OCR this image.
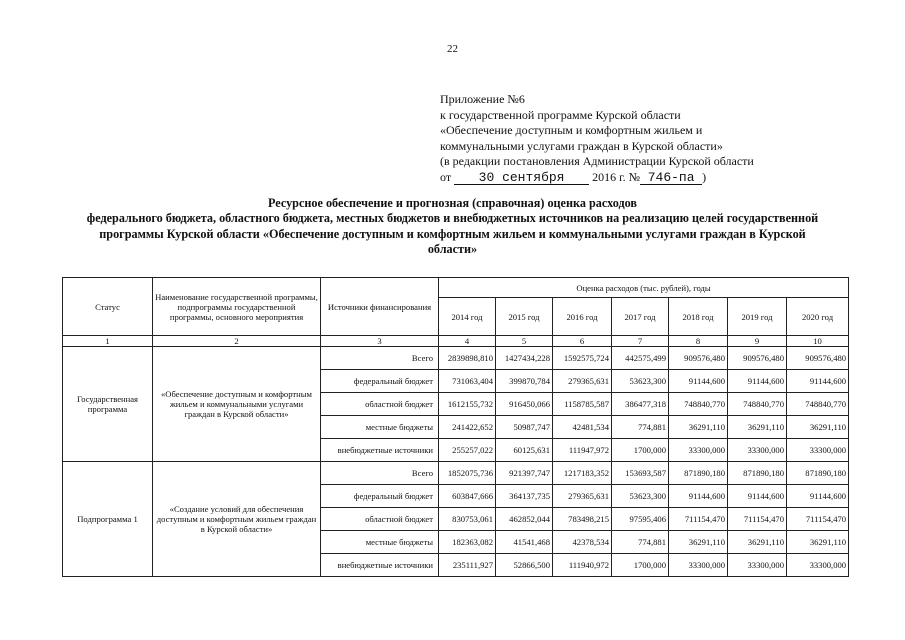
22
Приложение №6
к государственной программе Курской области
«Обеспечение доступным и комфортным жильем и
коммунальными услугами граждан в Курской области»
(в редакции постановления Администрации Курской области
от 30 сентября 2016 г. № 746-па )
Ресурсное обеспечение и прогнозная (справочная) оценка расходов
федерального бюджета, областного бюджета, местных бюджетов и внебюджетных источников на реализацию целей государственной
программы Курской области «Обеспечение доступным и комфортным жильем и коммунальными услугами граждан в Курской
области»
Статус	Наименование государственной программы, подпрограммы государственной программы, основного мероприятия	Источники финансирования	Оценка расходов (тыс. рублей), годы						
			2014 год	2015 год	2016 год	2017 год	2018 год	2019 год	2020 год
1	2	3	4	5	6	7	8	9	10
Государственная программа	«Обеспечение доступным и комфортным жильем и коммунальными услугами граждан в Курской области»	Всего	2839898,810	1427434,228	1592575,724	442575,499	909576,480	909576,480	909576,480
		федеральный бюджет	731063,404	399870,784	279365,631	53623,300	91144,600	91144,600	91144,600
		областной бюджет	1612155,732	916450,066	1158785,587	386477,318	748840,770	748840,770	748840,770
		местные бюджеты	241422,652	50987,747	42481,534	774,881	36291,110	36291,110	36291,110
		внебюджетные источники	255257,022	60125,631	111947,972	1700,000	33300,000	33300,000	33300,000
Подпрограмма 1	«Создание условий для обеспечения доступным и комфортным жильем граждан в Курской области»	Всего	1852075,736	921397,747	1217183,352	153693,587	871890,180	871890,180	871890,180
		федеральный бюджет	603847,666	364137,735	279365,631	53623,300	91144,600	91144,600	91144,600
		областной бюджет	830753,061	462852,044	783498,215	97595,406	711154,470	711154,470	711154,470
		местные бюджеты	182363,082	41541,468	42378,534	774,881	36291,110	36291,110	36291,110
		внебюджетные источники	235111,927	52866,500	111940,972	1700,000	33300,000	33300,000	33300,000
